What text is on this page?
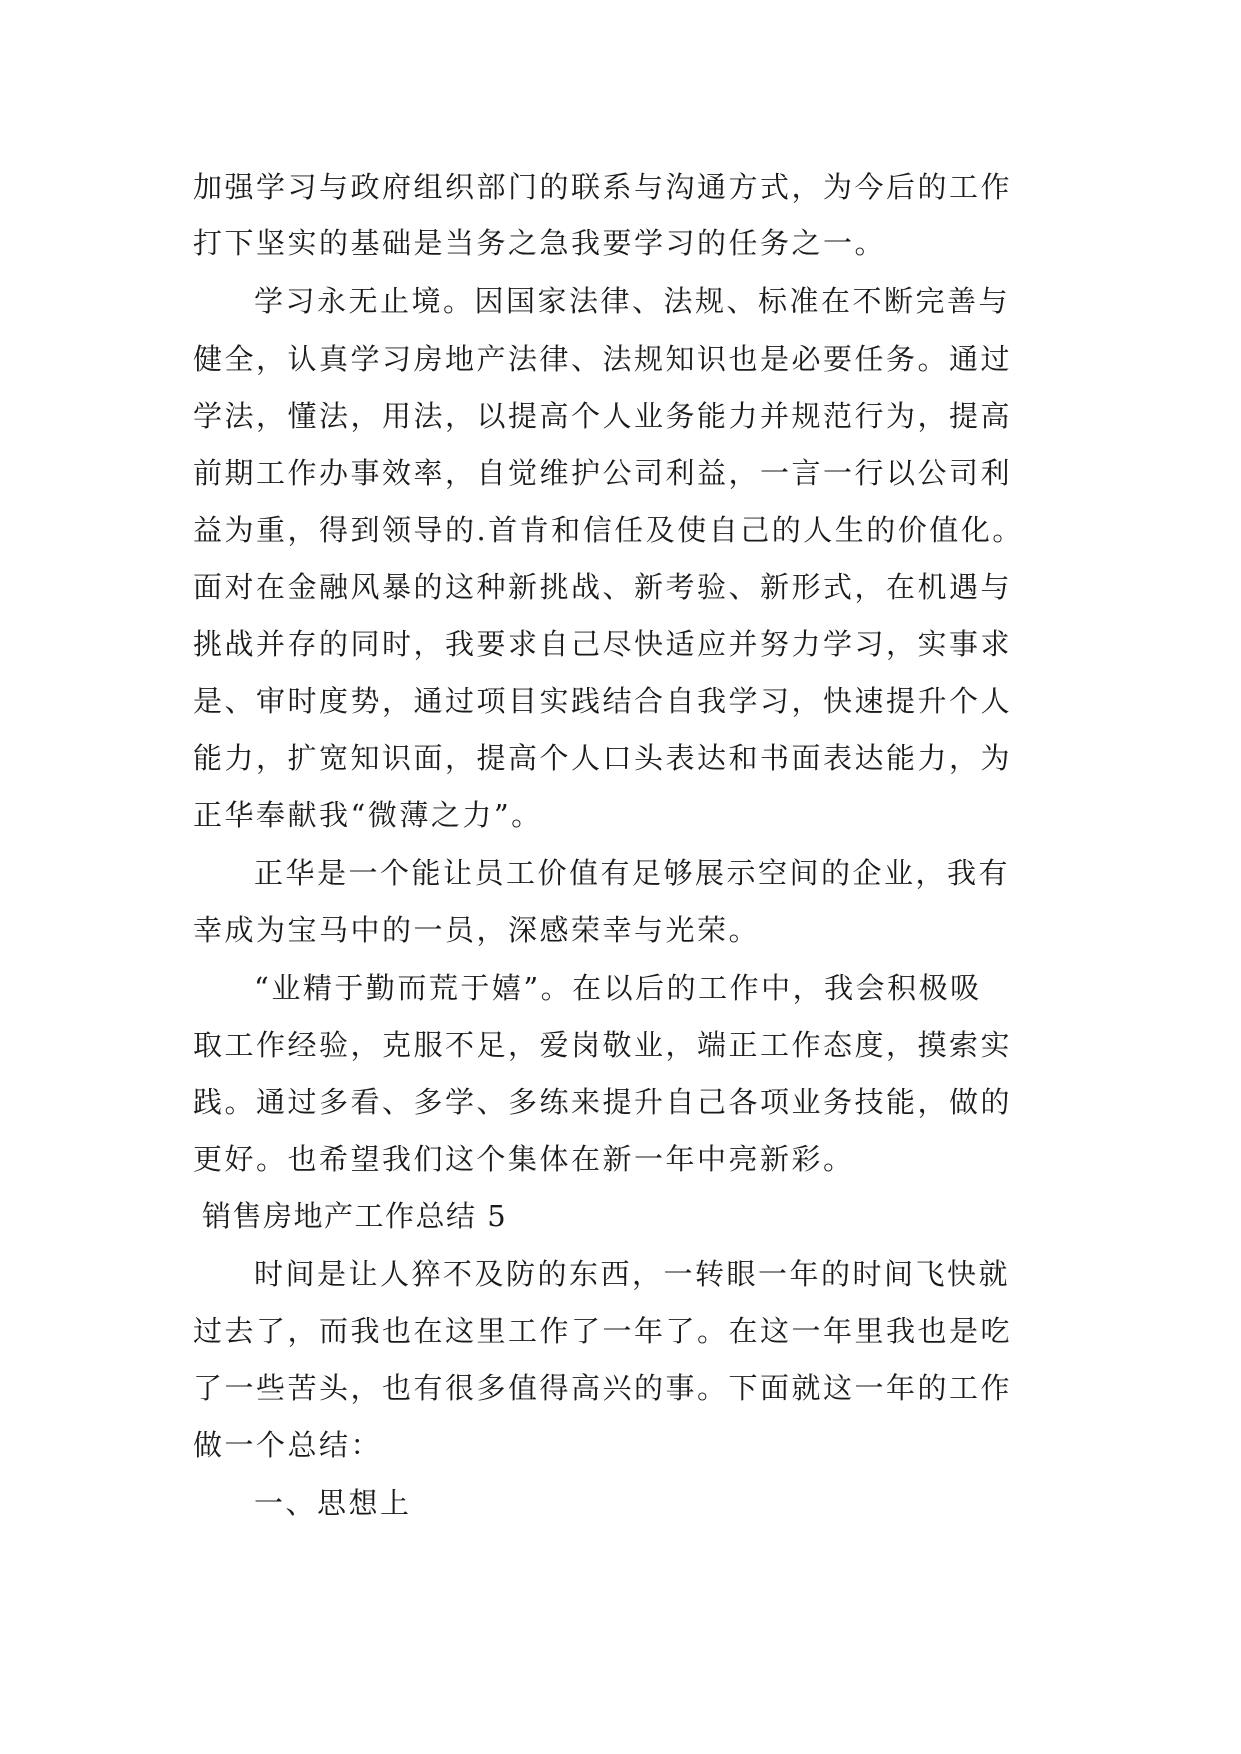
加强学习与政府组织部门的联系与沟通方式，为今后的工作
打下坚实的基础是当务之急我要学习的任务之一。
学习永无止境。因国家法律、法规、标准在不断完善与
健全，认真学习房地产法律、法规知识也是必要任务。通过
学法，懂法，用法，以提高个人业务能力并规范行为，提高
前期工作办事效率，自觉维护公司利益，一言一行以公司利
益为重，得到领导的.首肯和信任及使自己的人生的价值化。
面对在金融风暴的这种新挑战、新考验、新形式，在机遇与
挑战并存的同时，我要求自己尽快适应并努力学习，实事求
是、审时度势，通过项目实践结合自我学习，快速提升个人
能力，扩宽知识面，提高个人口头表达和书面表达能力，为
正华奉献我“微薄之力”。
正华是一个能让员工价值有足够展示空间的企业，我有
幸成为宝马中的一员，深感荣幸与光荣。
“业精于勤而荒于嬉”。在以后的工作中，我会积极吸
取工作经验，克服不足，爱岗敬业，端正工作态度，摸索实
践。通过多看、多学、多练来提升自己各项业务技能，做的
更好。也希望我们这个集体在新一年中亮新彩。
销售房地产工作总结 5
时间是让人猝不及防的东西，一转眼一年的时间飞快就
过去了，而我也在这里工作了一年了。在这一年里我也是吃
了一些苦头，也有很多值得高兴的事。下面就这一年的工作
做一个总结：
一、思想上
